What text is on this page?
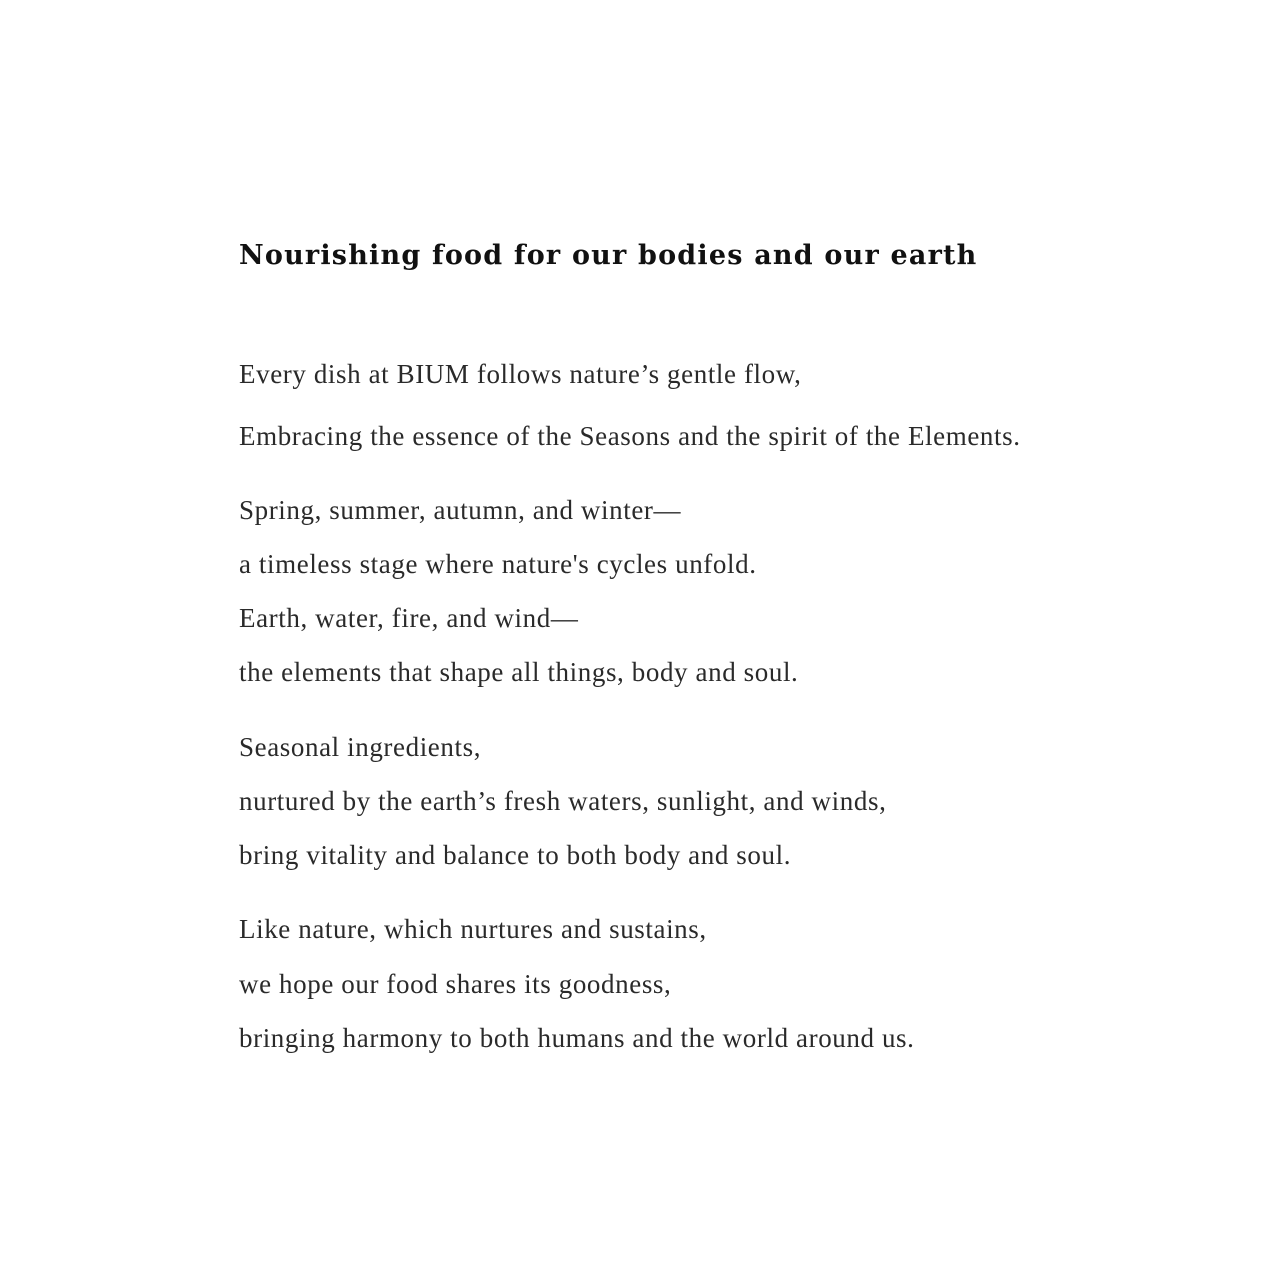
Nourishing food for our bodies and our earth

Every dish at BIUM follows nature’s gentle flow,

Embracing the essence of the Seasons and the spirit of the Elements.

Spring, summer, autumn, and winter—

a timeless stage where nature's cycles unfold.

Earth, water, fire, and wind—

the elements that shape all things, body and soul.

Seasonal ingredients,

nurtured by the earth’s fresh waters, sunlight, and winds,

bring vitality and balance to both body and soul.

Like nature, which nurtures and sustains,

we hope our food shares its goodness,

bringing harmony to both humans and the world around us.
